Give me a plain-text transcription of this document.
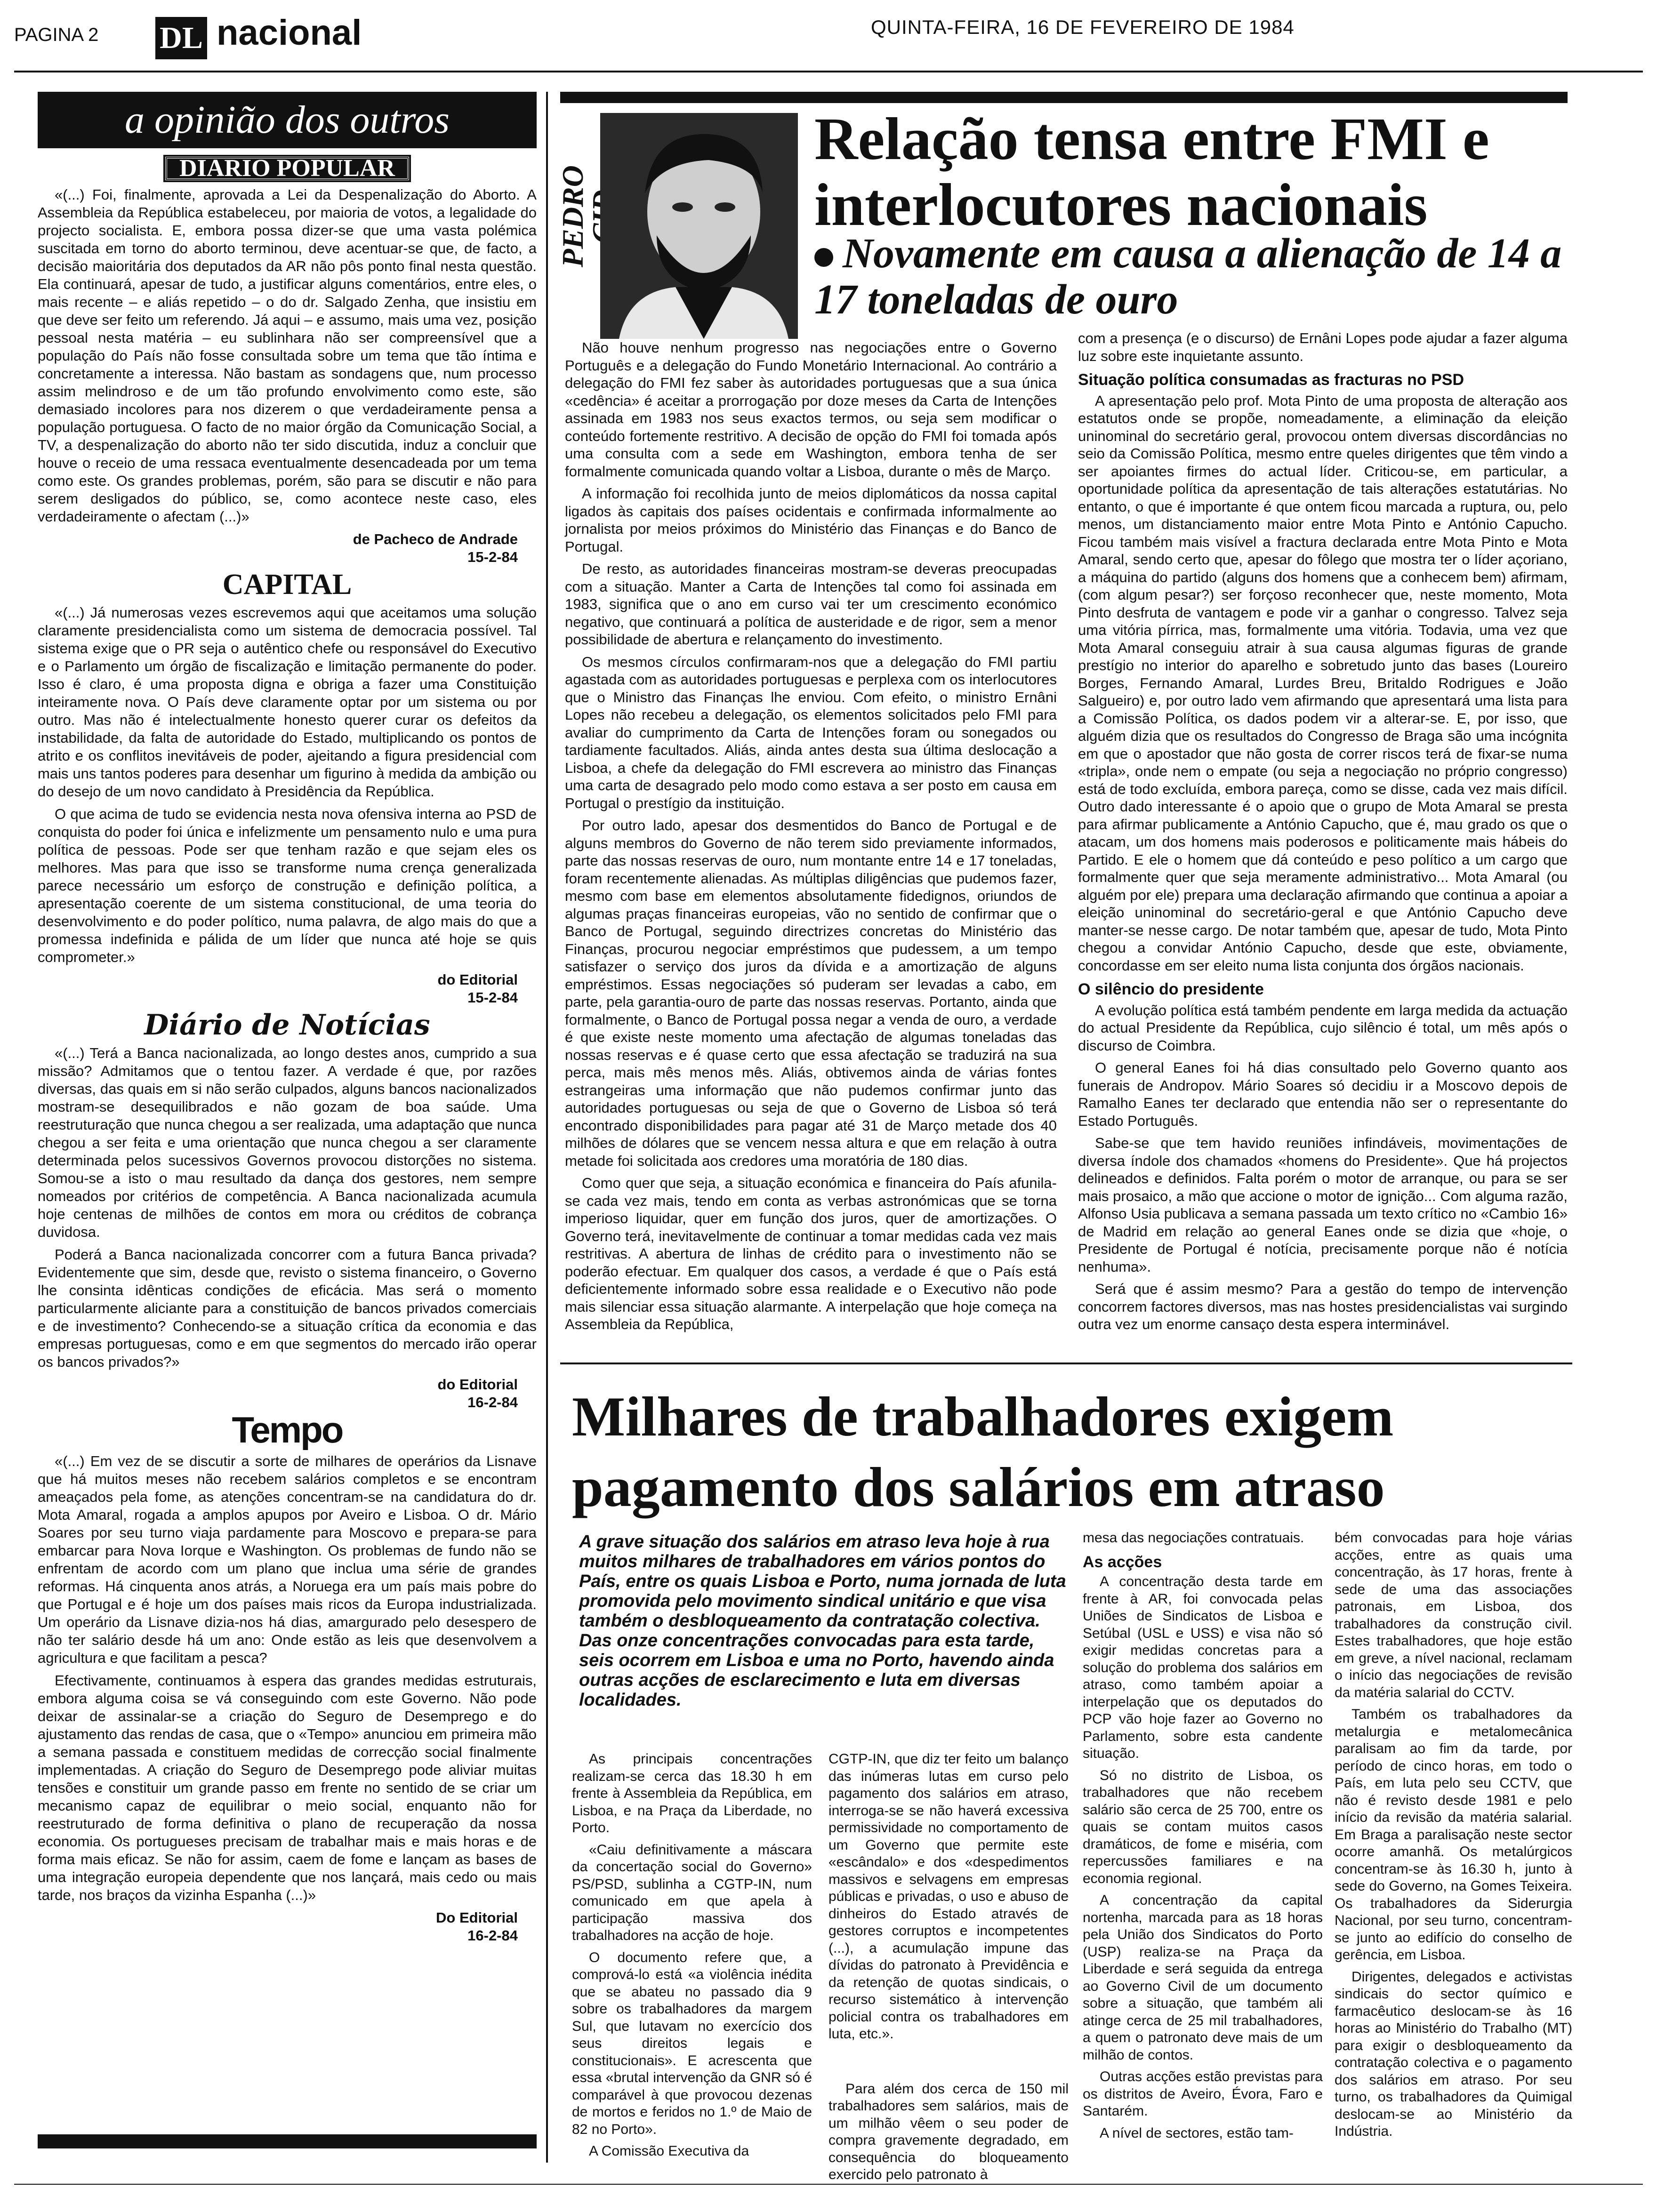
PAGINA 2 DL nacional	QUINTA-FEIRA, 16 DE FEVEREIRO DE 1984
a opinião dos outros
DIARIO POPULAR

«(...) Foi, finalmente, aprovada a Lei da Despenalização do Aborto. A Assembleia da República estabeleceu, por maioria de votos, a legalidade do projecto socialista. E, embora possa dizer-se que uma vasta polémica suscitada em torno do aborto terminou, deve acentuar-se que, de facto, a decisão maioritária dos deputados da AR não pôs ponto final nesta questão. Ela continuará, apesar de tudo, a justificar alguns comentários, entre eles, o mais recente – e aliás repetido – o do dr. Salgado Zenha, que insistiu em que deve ser feito um referendo. Já aqui – e assumo, mais uma vez, posição pessoal nesta matéria – eu sublinhara não ser compreensível que a população do País não fosse consultada sobre um tema que tão íntima e concretamente a interessa. Não bastam as sondagens que, num processo assim melindroso e de um tão profundo envolvimento como este, são demasiado incolores para nos dizerem o que verdadeiramente pensa a população portuguesa. O facto de no maior órgão da Comunicação Social, a TV, a despenalização do aborto não ter sido discutida, induz a concluir que houve o receio de uma ressaca eventualmente desencadeada por um tema como este. Os grandes problemas, porém, são para se discutir e não para serem desligados do público, se, como acontece neste caso, eles verdadeiramente o afectam (...)»

de Pacheco de Andrade
15-2-84
CAPITAL

«(...) Já numerosas vezes escrevemos aqui que aceitamos uma solução claramente presidencialista como um sistema de democracia possível. Tal sistema exige que o PR seja o autêntico chefe ou responsável do Executivo e o Parlamento um órgão de fiscalização e limitação permanente do poder. Isso é claro, é uma proposta digna e obriga a fazer uma Constituição inteiramente nova. O País deve claramente optar por um sistema ou por outro. Mas não é intelectualmente honesto querer curar os defeitos da instabilidade, da falta de autoridade do Estado, multiplicando os pontos de atrito e os conflitos inevitáveis de poder, ajeitando a figura presidencial com mais uns tantos poderes para desenhar um figurino à medida da ambição ou do desejo de um novo candidato à Presidência da República.

O que acima de tudo se evidencia nesta nova ofensiva interna ao PSD de conquista do poder foi única e infelizmente um pensamento nulo e uma pura política de pessoas. Pode ser que tenham razão e que sejam eles os melhores. Mas para que isso se transforme numa crença generalizada parece necessário um esforço de construção e definição política, a apresentação coerente de um sistema constitucional, de uma teoria do desenvolvimento e do poder político, numa palavra, de algo mais do que a promessa indefinida e pálida de um líder que nunca até hoje se quis comprometer.»

do Editorial
15-2-84
Diário de Notícias

«(...) Terá a Banca nacionalizada, ao longo destes anos, cumprido a sua missão? Admitamos que o tentou fazer. A verdade é que, por razões diversas, das quais em si não serão culpados, alguns bancos nacionalizados mostram-se desequilibrados e não gozam de boa saúde. Uma reestruturação que nunca chegou a ser realizada, uma adaptação que nunca chegou a ser feita e uma orientação que nunca chegou a ser claramente determinada pelos sucessivos Governos provocou distorções no sistema. Somou-se a isto o mau resultado da dança dos gestores, nem sempre nomeados por critérios de competência. A Banca nacionalizada acumula hoje centenas de milhões de contos em mora ou créditos de cobrança duvidosa.

Poderá a Banca nacionalizada concorrer com a futura Banca privada? Evidentemente que sim, desde que, revisto o sistema financeiro, o Governo lhe consinta idênticas condições de eficácia. Mas será o momento particularmente aliciante para a constituição de bancos privados comerciais e de investimento? Conhecendo-se a situação crítica da economia e das empresas portuguesas, como e em que segmentos do mercado irão operar os bancos privados?»

do Editorial
16-2-84
Tempo

«(...) Em vez de se discutir a sorte de milhares de operários da Lisnave que há muitos meses não recebem salários completos e se encontram ameaçados pela fome, as atenções concentram-se na candidatura do dr. Mota Amaral, rogada a amplos apupos por Aveiro e Lisboa. O dr. Mário Soares por seu turno viaja pardamente para Moscovo e prepara-se para embarcar para Nova Iorque e Washington. Os problemas de fundo não se enfrentam de acordo com um plano que inclua uma série de grandes reformas. Há cinquenta anos atrás, a Noruega era um país mais pobre do que Portugal e é hoje um dos países mais ricos da Europa industrializada. Um operário da Lisnave dizia-nos há dias, amargurado pelo desespero de não ter salário desde há um ano: Onde estão as leis que desenvolvem a agricultura e que facilitam a pesca?

Efectivamente, continuamos à espera das grandes medidas estruturais, embora alguma coisa se vá conseguindo com este Governo. Não pode deixar de assinalar-se a criação do Seguro de Desemprego e do ajustamento das rendas de casa, que o «Tempo» anunciou em primeira mão a semana passada e constituem medidas de correcção social finalmente implementadas. A criação do Seguro de Desemprego pode aliviar muitas tensões e constituir um grande passo em frente no sentido de se criar um mecanismo capaz de equilibrar o meio social, enquanto não for reestruturado de forma definitiva o plano de recuperação da nossa economia. Os portugueses precisam de trabalhar mais e mais horas e de forma mais eficaz. Se não for assim, caem de fome e lançam as bases de uma integração europeia dependente que nos lançará, mais cedo ou mais tarde, nos braços da vizinha Espanha (...)»

Do Editorial
16-2-84
PEDRO
Relação tensa entre FMI e interlocutores nacionais
Novamente em causa a alienação de 14 a 17 toneladas de ouro

Não houve nenhum progresso nas negociações entre o Governo Português e a delegação do Fundo Monetário Internacional. Ao contrário a delegação do FMI fez saber às autoridades portuguesas que a sua única «cedência» é aceitar a prorrogação por doze meses da Carta de Intenções assinada em 1983 nos seus exactos termos, ou seja sem modificar o conteúdo fortemente restritivo. A decisão de opção do FMI foi tomada após uma consulta com a sede em Washington, embora tenha de ser formalmente comunicada quando voltar a Lisboa, durante o mês de Março.

A informação foi recolhida junto de meios diplomáticos da nossa capital ligados às capitais dos países ocidentais e confirmada informalmente ao jornalista por meios próximos do Ministério das Finanças e do Banco de Portugal.

De resto, as autoridades financeiras mostram-se deveras preocupadas com a situação. Manter a Carta de Intenções tal como foi assinada em 1983, significa que o ano em curso vai ter um crescimento económico negativo, que continuará a política de austeridade e de rigor, sem a menor possibilidade de abertura e relançamento do investimento.

Os mesmos círculos confirmaram-nos que a delegação do FMI partiu agastada com as autoridades portuguesas e perplexa com os interlocutores que o Ministro das Finanças lhe enviou. Com efeito, o ministro Ernâni Lopes não recebeu a delegação, os elementos solicitados pelo FMI para avaliar do cumprimento da Carta de Intenções foram ou sonegados ou tardiamente facultados. Aliás, ainda antes desta sua última deslocação a Lisboa, a chefe da delegação do FMI escrevera ao ministro das Finanças uma carta de desagrado pelo modo como estava a ser posto em causa em Portugal o prestígio da instituição.

Por outro lado, apesar dos desmentidos do Banco de Portugal e de alguns membros do Governo de não terem sido previamente informados, parte das nossas reservas de ouro, num montante entre 14 e 17 toneladas, foram recentemente alienadas. As múltiplas diligências que pudemos fazer, mesmo com base em elementos absolutamente fidedignos, oriundos de algumas praças financeiras europeias, vão no sentido de confirmar que o Banco de Portugal, seguindo directrizes concretas do Ministério das Finanças, procurou negociar empréstimos que pudessem, a um tempo satisfazer o serviço dos juros da dívida e a amortização de alguns empréstimos. Essas negociações só puderam ser levadas a cabo, em parte, pela garantia-ouro de parte das nossas reservas. Portanto, ainda que formalmente, o Banco de Portugal possa negar a venda de ouro, a verdade é que existe neste momento uma afectação de algumas toneladas das nossas reservas e é quase certo que essa afectação se traduzirá na sua perca, mais mês menos mês. Aliás, obtivemos ainda de várias fontes estrangeiras uma informação que não pudemos confirmar junto das autoridades portuguesas ou seja de que o Governo de Lisboa só terá encontrado disponibilidades para pagar até 31 de Março metade dos 40 milhões de dólares que se vencem nessa altura e que em relação à outra metade foi solicitada aos credores uma moratória de 180 dias.

Como quer que seja, a situação económica e financeira do País afunila-se cada vez mais, tendo em conta as verbas astronómicas que se torna imperioso liquidar, quer em função dos juros, quer de amortizações. O Governo terá, inevitavelmente de continuar a tomar medidas cada vez mais restritivas. A abertura de linhas de crédito para o investimento não se poderão efectuar. Em qualquer dos casos, a verdade é que o País está deficientemente informado sobre essa realidade e o Executivo não pode mais silenciar essa situação alarmante. A interpelação que hoje começa na Assembleia da República,

com a presença (e o discurso) de Ernâni Lopes pode ajudar a fazer alguma luz sobre este inquietante assunto.

Situação política consumadas as fracturas no PSD

A apresentação pelo prof. Mota Pinto de uma proposta de alteração aos estatutos onde se propõe, nomeadamente, a eliminação da eleição uninominal do secretário geral, provocou ontem diversas discordâncias no seio da Comissão Política, mesmo entre queles dirigentes que têm vindo a ser apoiantes firmes do actual líder. Criticou-se, em particular, a oportunidade política da apresentação de tais alterações estatutárias. No entanto, o que é importante é que ontem ficou marcada a ruptura, ou, pelo menos, um distanciamento maior entre Mota Pinto e António Capucho. Ficou também mais visível a fractura declarada entre Mota Pinto e Mota Amaral, sendo certo que, apesar do fôlego que mostra ter o líder açoriano, a máquina do partido (alguns dos homens que a conhecem bem) afirmam, (com algum pesar?) ser forçoso reconhecer que, neste momento, Mota Pinto desfruta de vantagem e pode vir a ganhar o congresso. Talvez seja uma vitória pírrica, mas, formalmente uma vitória. Todavia, uma vez que Mota Amaral conseguiu atrair à sua causa algumas figuras de grande prestígio no interior do aparelho e sobretudo junto das bases (Loureiro Borges, Fernando Amaral, Lurdes Breu, Britaldo Rodrigues e João Salgueiro) e, por outro lado vem afirmando que apresentará uma lista para a Comissão Política, os dados podem vir a alterar-se. E, por isso, que alguém dizia que os resultados do Congresso de Braga são uma incógnita em que o apostador que não gosta de correr riscos terá de fixar-se numa «tripla», onde nem o empate (ou seja a negociação no próprio congresso) está de todo excluída, embora pareça, como se disse, cada vez mais difícil. Outro dado interessante é o apoio que o grupo de Mota Amaral se presta para afirmar publicamente a António Capucho, que é, mau grado os que o atacam, um dos homens mais poderosos e politicamente mais hábeis do Partido. E ele o homem que dá conteúdo e peso político a um cargo que formalmente quer que seja meramente administrativo... Mota Amaral (ou alguém por ele) prepara uma declaração afirmando que continua a apoiar a eleição uninominal do secretário-geral e que António Capucho deve manter-se nesse cargo. De notar também que, apesar de tudo, Mota Pinto chegou a convidar António Capucho, desde que este, obviamente, concordasse em ser eleito numa lista conjunta dos órgãos nacionais.

O silêncio do presidente

A evolução política está também pendente em larga medida da actuação do actual Presidente da República, cujo silêncio é total, um mês após o discurso de Coimbra.

O general Eanes foi há dias consultado pelo Governo quanto aos funerais de Andropov. Mário Soares só decidiu ir a Moscovo depois de Ramalho Eanes ter declarado que entendia não ser o representante do Estado Português.

Sabe-se que tem havido reuniões infindáveis, movimentações de diversa índole dos chamados «homens do Presidente». Que há projectos delineados e definidos. Falta porém o motor de arranque, ou para se ser mais prosaico, a mão que accione o motor de ignição... Com alguma razão, Alfonso Usia publicava a semana passada um texto crítico no «Cambio 16» de Madrid em relação ao general Eanes onde se dizia que «hoje, o Presidente de Portugal é notícia, precisamente porque não é notícia nenhuma».

Será que é assim mesmo? Para a gestão do tempo de intervenção concorrem factores diversos, mas nas hostes presidencialistas vai surgindo outra vez um enorme cansaço desta espera interminável.

Milhares de trabalhadores exigem pagamento dos salários em atraso
A grave situação dos salários em atraso leva hoje à rua muitos milhares de trabalhadores em vários pontos do País, entre os quais Lisboa e Porto, numa jornada de luta promovida pelo movimento sindical unitário e que visa também o desbloqueamento da contratação colectiva. Das onze concentrações convocadas para esta tarde, seis ocorrem em Lisboa e uma no Porto, havendo ainda outras acções de esclarecimento e luta em diversas localidades.

As principais concentrações realizam-se cerca das 18.30 h em frente à Assembleia da República, em Lisboa, e na Praça da Liberdade, no Porto.

«Caiu definitivamente a máscara da concertação social do Governo» PS/PSD, sublinha a CGTP-IN, num comunicado em que apela à participação massiva dos trabalhadores na acção de hoje.

O documento refere que, a comprová-lo está «a violência inédita que se abateu no passado dia 9 sobre os trabalhadores da margem Sul, que lutavam no exercício dos seus direitos legais e constitucionais». E acrescenta que essa «brutal intervenção da GNR só é comparável à que provocou dezenas de mortos e feridos no 1.º de Maio de 82 no Porto».

A Comissão Executiva da

CGTP-IN, que diz ter feito um balanço das inúmeras lutas em curso pelo pagamento dos salários em atraso, interroga-se se não haverá excessiva permissividade no comportamento de um Governo que permite este «escândalo» e dos «despedimentos massivos e selvagens em empresas públicas e privadas, o uso e abuso de dinheiros do Estado através de gestores corruptos e incompetentes (...), a acumulação impune das dívidas do patronato à Previdência e da retenção de quotas sindicais, o recurso sistemático à intervenção policial contra os trabalhadores em luta, etc.».

Para além dos cerca de 150 mil trabalhadores sem salários, mais de um milhão vêem o seu poder de compra gravemente degradado, em consequência do bloqueamento exercido pelo patronato à

mesa das negociações contratuais.

As acções

A concentração desta tarde em frente à AR, foi convocada pelas Uniões de Sindicatos de Lisboa e Setúbal (USL e USS) e visa não só exigir medidas concretas para a solução do problema dos salários em atraso, como também apoiar a interpelação que os deputados do PCP vão hoje fazer ao Governo no Parlamento, sobre esta candente situação.

Só no distrito de Lisboa, os trabalhadores que não recebem salário são cerca de 25 700, entre os quais se contam muitos casos dramáticos, de fome e miséria, com repercussões familiares e na economia regional.

A concentração da capital nortenha, marcada para as 18 horas pela União dos Sindicatos do Porto (USP) realiza-se na Praça da Liberdade e será seguida da entrega ao Governo Civil de um documento sobre a situação, que também ali atinge cerca de 25 mil trabalhadores, a quem o patronato deve mais de um milhão de contos.

Outras acções estão previstas para os distritos de Aveiro, Évora, Faro e Santarém.

A nível de sectores, estão tam-

bém convocadas para hoje várias acções, entre as quais uma concentração, às 17 horas, frente à sede de uma das associações patronais, em Lisboa, dos trabalhadores da construção civil. Estes trabalhadores, que hoje estão em greve, a nível nacional, reclamam o início das negociações de revisão da matéria salarial do CCTV.

Também os trabalhadores da metalurgia e metalomecânica paralisam ao fim da tarde, por período de cinco horas, em todo o País, em luta pelo seu CCTV, que não é revisto desde 1981 e pelo início da revisão da matéria salarial. Em Braga a paralisação neste sector ocorre amanhã. Os metalúrgicos concentram-se às 16.30 h, junto à sede do Governo, na Gomes Teixeira. Os trabalhadores da Siderurgia Nacional, por seu turno, concentram-se junto ao edifício do conselho de gerência, em Lisboa.

Dirigentes, delegados e activistas sindicais do sector químico e farmacêutico deslocam-se às 16 horas ao Ministério do Trabalho (MT) para exigir o desbloqueamento da contratação colectiva e o pagamento dos salários em atraso. Por seu turno, os trabalhadores da Quimigal deslocam-se ao Ministério da Indústria.
